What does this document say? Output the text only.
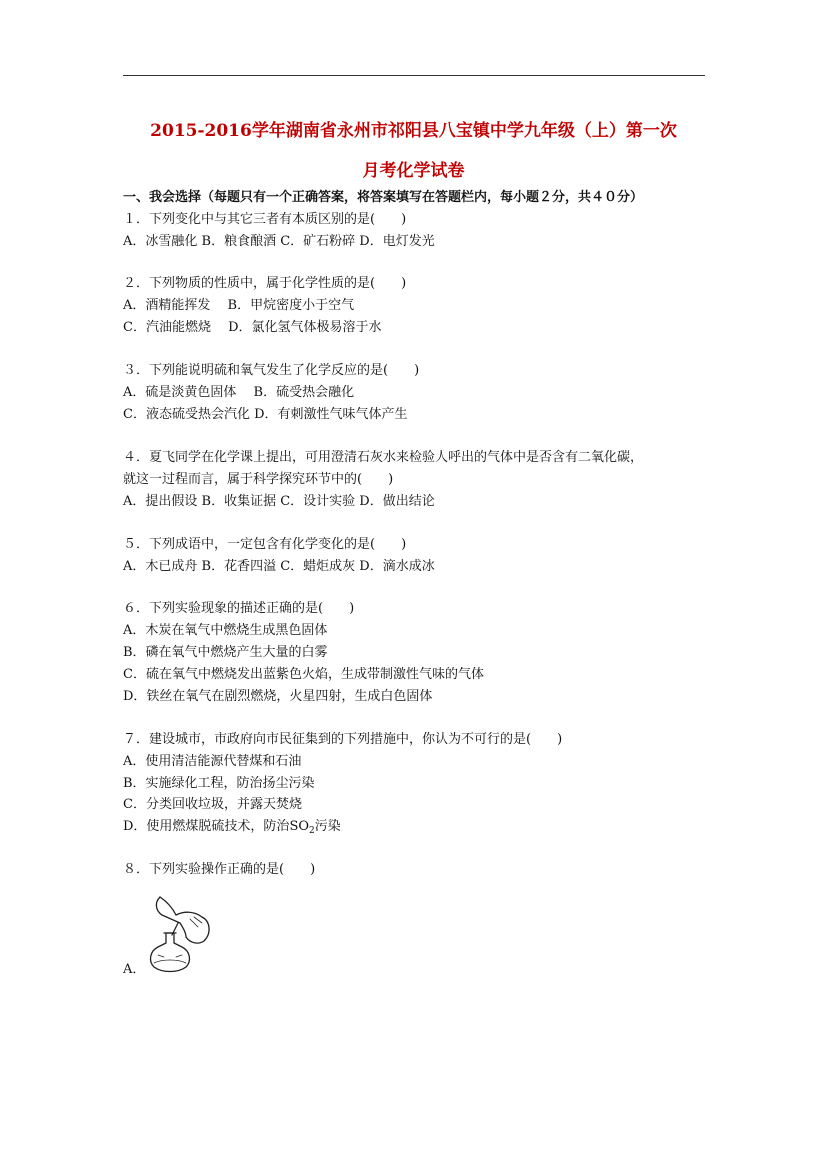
2015-2016学年湖南省永州市祁阳县八宝镇中学九年级（上）第一次
月考化学试卷
一、我会选择（每题只有一个正确答案，将答案填写在答题栏内，每小题２分，共４０分）
１．下列变化中与其它三者有本质区别的是(　　)
A．冰雪融化 B．粮食酿酒 C．矿石粉碎 D．电灯发光
２．下列物质的性质中，属于化学性质的是(　　)
A．酒精能挥发　 B．甲烷密度小于空气
C．汽油能燃烧　 D．氯化氢气体极易溶于水
３．下列能说明硫和氧气发生了化学反应的是(　　)
A．硫是淡黄色固体　 B．硫受热会融化
C．液态硫受热会汽化 D．有刺激性气味气体产生
４．夏飞同学在化学课上提出，可用澄清石灰水来检验人呼出的气体中是否含有二氧化碳，
就这一过程而言，属于科学探究环节中的(　　)
A．提出假设 B．收集证据 C．设计实验 D．做出结论
５．下列成语中，一定包含有化学变化的是(　　)
A．木已成舟 B．花香四溢 C．蜡炬成灰 D．滴水成冰
６．下列实验现象的描述正确的是(　　)
A．木炭在氧气中燃烧生成黑色固体
B．磷在氧气中燃烧产生大量的白雾
C．硫在氧气中燃烧发出蓝紫色火焰，生成带制激性气味的气体
D．铁丝在氧气在剧烈燃烧，火星四射，生成白色固体
７．建设城市，市政府向市民征集到的下列措施中，你认为不可行的是(　　)
A．使用清洁能源代替煤和石油
B．实施绿化工程，防治扬尘污染
C．分类回收垃圾，并露天焚烧
D．使用燃煤脱硫技术，防治$SO_2$污染
８．下列实验操作正确的是(　　)
A．
